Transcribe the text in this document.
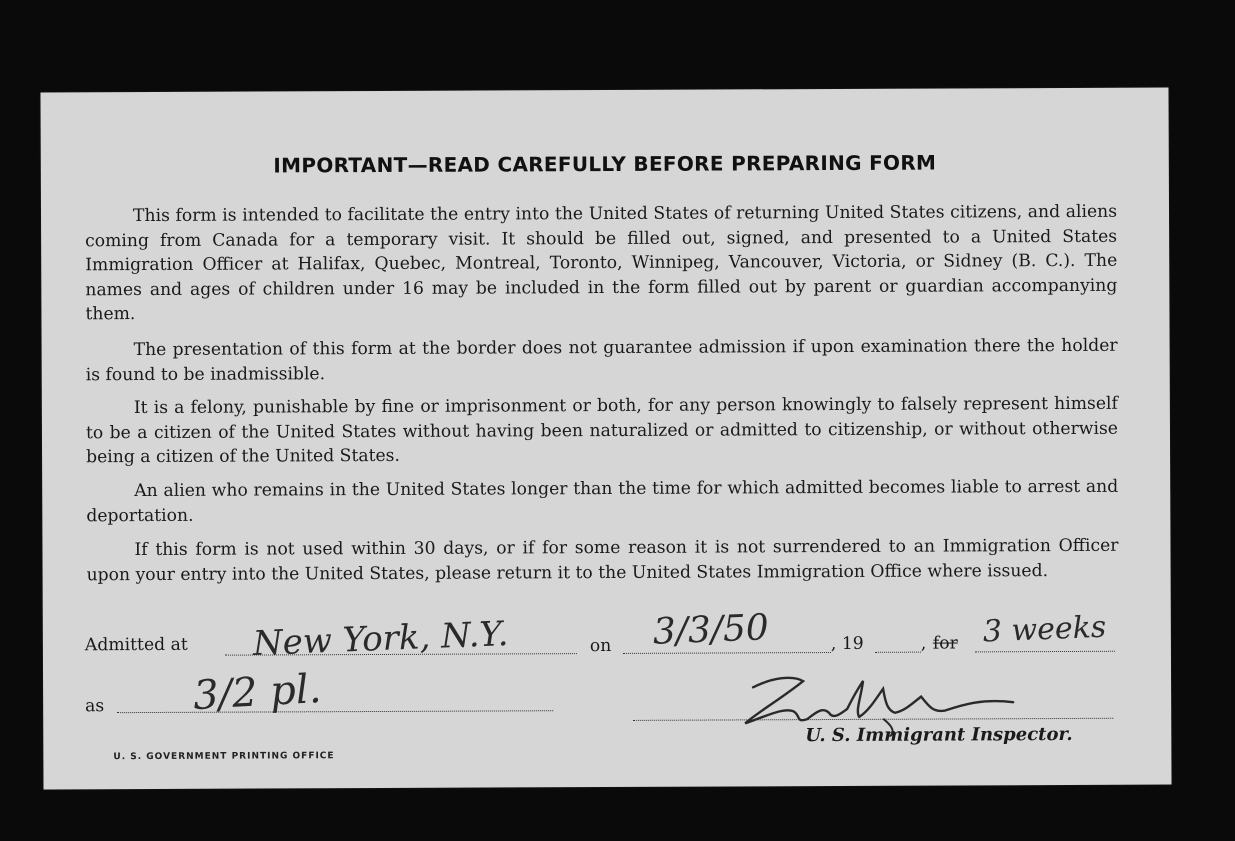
IMPORTANT—READ CAREFULLY BEFORE PREPARING FORM

This form is intended to facilitate the entry into the United States of returning United States citizens, and aliens coming from Canada for a temporary visit. It should be filled out, signed, and presented to a United States Immigration Officer at Halifax, Quebec, Montreal, Toronto, Winnipeg, Vancouver, Victoria, or Sidney (B. C.). The names and ages of children under 16 may be included in the form filled out by parent or guardian accompanying them.

The presentation of this form at the border does not guarantee admission if upon examination there the holder is found to be inadmissible.

It is a felony, punishable by fine or imprisonment or both, for any person knowingly to falsely represent himself to be a citizen of the United States without having been naturalized or admitted to citizenship, or without otherwise being a citizen of the United States.

An alien who remains in the United States longer than the time for which admitted becomes liable to arrest and deportation.

If this form is not used within 30 days, or if for some reason it is not surrendered to an Immigration Officer upon your entry into the United States, please return it to the United States Immigration Office where issued.

Admitted at New York, N.Y.	on 3/3/50	, 19	, for 3 weeks
as 3/2 pl.
U. S. Immigrant Inspector.
U. S. GOVERNMENT PRINTING OFFICE
